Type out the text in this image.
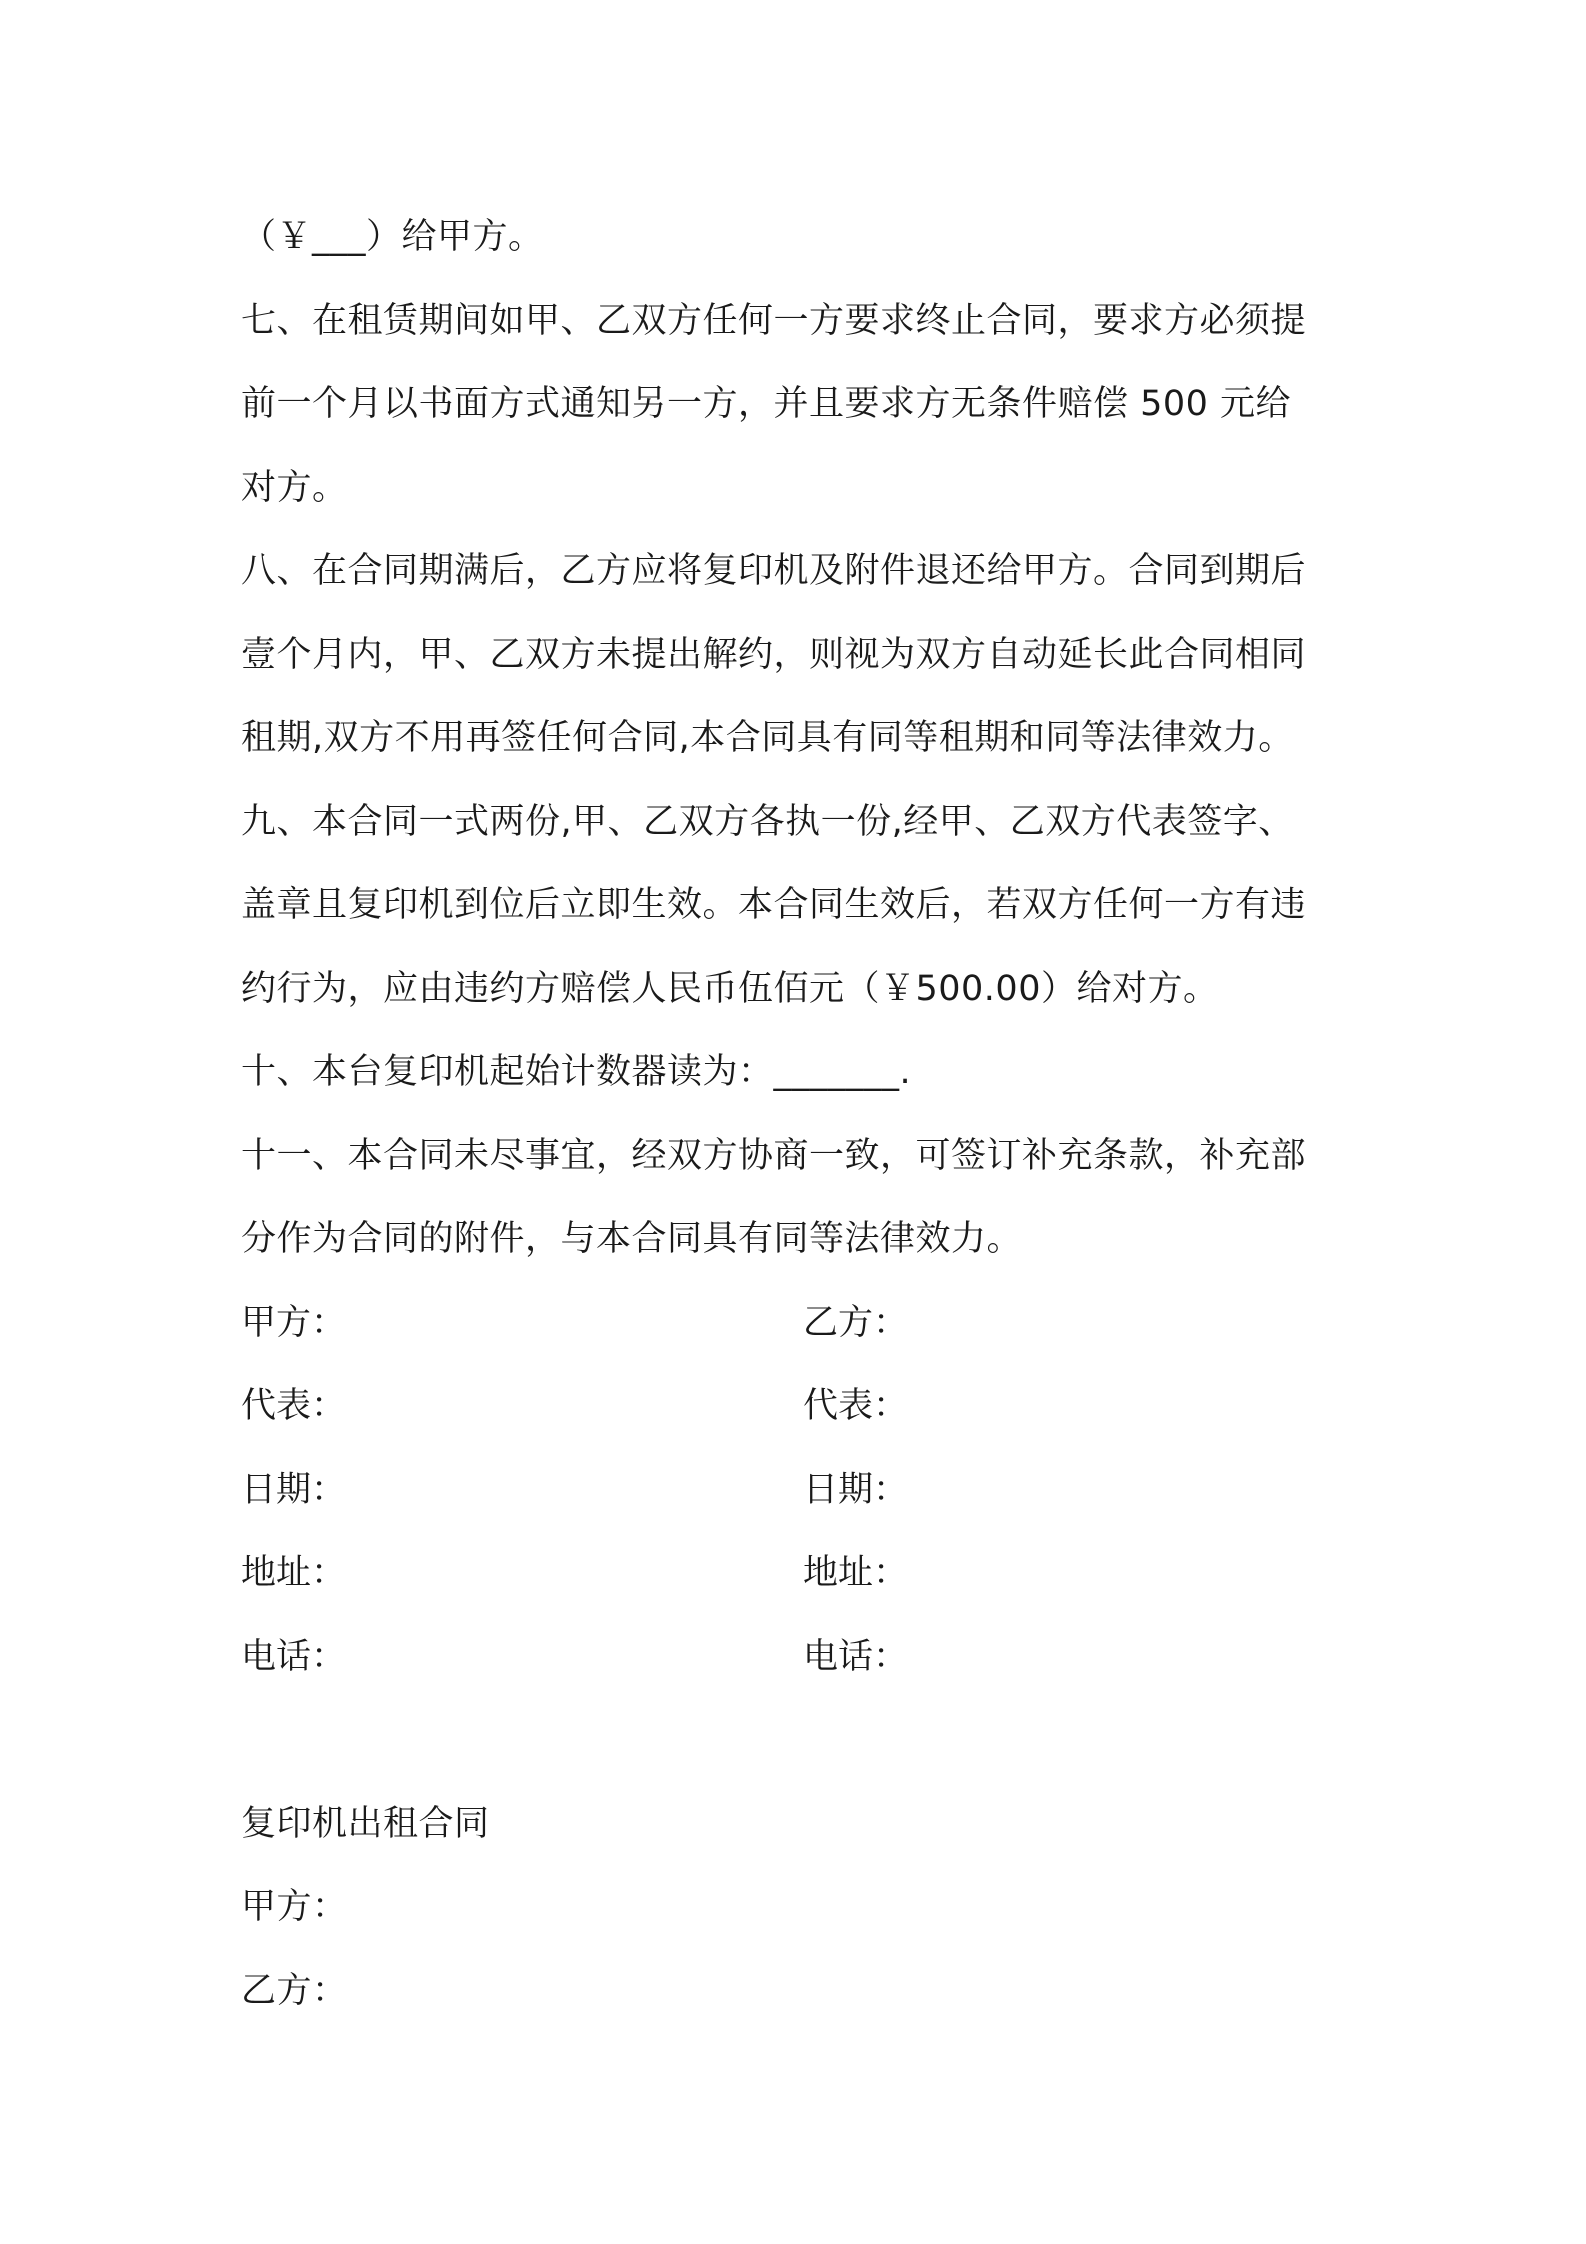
（￥___）给甲方。
七、在租赁期间如甲、乙双方任何一方要求终止合同，要求方必须提
前一个月以书面方式通知另一方，并且要求方无条件赔偿 500 元给
对方。
八、在合同期满后，乙方应将复印机及附件退还给甲方。合同到期后
壹个月内，甲、乙双方未提出解约，则视为双方自动延长此合同相同
租期,双方不用再签任何合同,本合同具有同等租期和同等法律效力。
九、本合同一式两份,甲、乙双方各执一份,经甲、乙双方代表签字、
盖章且复印机到位后立即生效。本合同生效后，若双方任何一方有违
约行为，应由违约方赔偿人民币伍佰元（￥500.00）给对方。
十、本台复印机起始计数器读为：_______.
十一、本合同未尽事宜，经双方协商一致，可签订补充条款，补充部
分作为合同的附件，与本合同具有同等法律效力。
甲方：	乙方：
代表：	代表：
日期：	日期：
地址：	地址：
电话：	电话：
复印机出租合同
甲方：
乙方：
